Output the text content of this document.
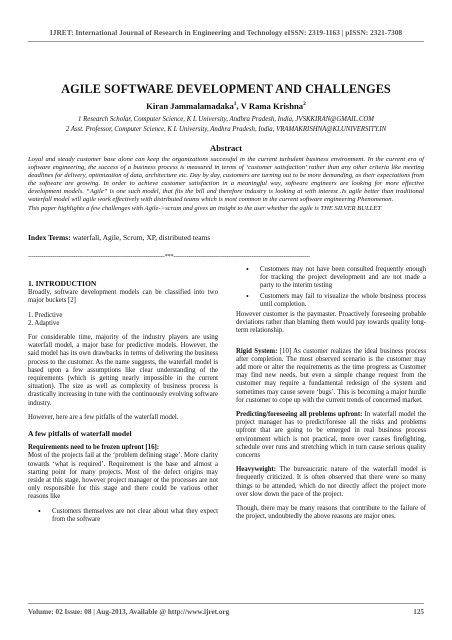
IJRET: International Journal of Research in Engineering and Technology eISSN: 2319-1163 | pISSN: 2321-7308
AGILE SOFTWARE DEVELOPMENT AND CHALLENGES
Kiran Jammalamadaka$^1$, V Rama Krishna$^2$
1 Research Scholar, Computer Science, K L University, Andhra Pradesh, India, JVSKKIRAN@GMAIL.COM
2 Asst. Professor, Computer Science, K L University, Andhra Pradesh, India, VRAMAKRISHNA@KLUNIVERSITY.IN
Abstract
Loyal and steady customer base alone can keep the organizations successful in the current turbulent business environment. In the current era of software engineering, the success of a business process is measured in terms of ‘customer satisfaction’ rather than any other criteria like meeting deadlines for delivery, optimization of data, architecture etc. Day by day, customers are turning out to be more demanding, as their expectations from the software are growing. In order to achieve customer satisfaction in a meaningful way, software engineers are looking for more effective development models. “Agile” is one such model, that fits the bill and therefore industry is looking at with interest .Is agile better than traditional waterfall model will agile work effectively with distributed teams which is most common in the current software engineering Phenomenon.
This paper highlights a few challenges with Agile->scrum and gives an insight to the user whether the agile is THE SILVER BULLET
Index Terms: waterfall, Agile, Scrum, XP, distributed teams
------------------------------------------------------------------------***------------------------------------------------------------------------
1. INTRODUCTION

Broadly, software development models can be classified into two major buckets [2]

1. Predictive
2. Adaptive

For considerable time, majority of the industry players are using waterfall model, a major base for predictive models. However, the said model has its own drawbacks in terms of delivering the business process to the customer. As the name suggests, the waterfall model is based upon a few assumptions like clear understanding of the requirements (which is getting nearly impossible in the current situation). The size as well as complexity of business process is drastically increasing in tune with the continuously evolving software industry.

However, here are a few pitfalls of the waterfall model.

A few pitfalls of waterfall model
Requirements need to be frozen upfront [16]:

Most of the projects fail at the ‘problem defining stage’. More clarity towards ‘what is required’. Requirement is the base and almost a starting point for many projects. Most of the defect origins may reside at this stage, however project manager or the processes are not only responsible for this stage and there could be various other reasons like

• Customers themselves are not clear about what they expect from the software
• Customers may not have been consulted frequently enough for tracking the project development and are not made a party to the interim testing
• Customers may fail to visualize the whole business process until completion.

However customer is the paymaster. Proactively foreseeing probable deviations rather than blaming them would pay towards quality long-term relationship.

Rigid System: [10] As customer realizes the ideal business process after completion. The most observed scenario is the customer may add more or alter the requirements as the time progress as Customer may find new needs, but even a simple change request from the customer may require a fundamental redesign of the system and sometimes may cause severe ‘bugs’. This is becoming a major hurdle for customer to cope up with the current trends of concerned market.

Predicting/foreseeing all problems upfront: In waterfall model the project manager has to predict/foresee all the risks and problems upfront that are going to be emerged in real business process environment which is not practical, more over causes firefighting, schedule over runs and stretching which in turn cause serious quality concerns

Heavyweight: The bureaucratic nature of the waterfall model is frequently criticized. It is often observed that there were so many things to be attended, which do not directly affect the project more over slow down the pace of the project.

Though, there may be many reasons that contribute to the failure of the project, undoubtedly the above reasons are major ones.

Volume: 02 Issue: 08 | Aug-2013, Available @ http://www.ijret.org	125
